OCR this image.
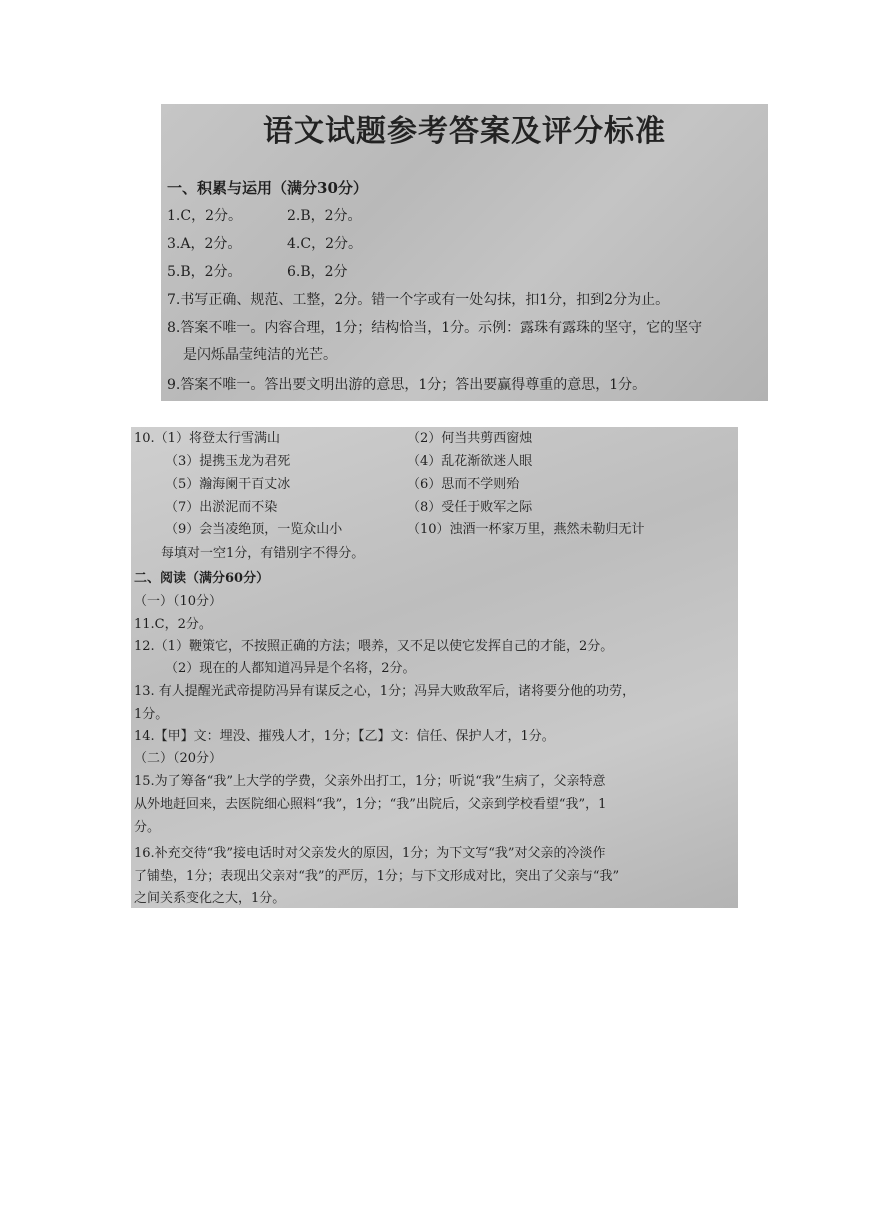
语文试题参考答案及评分标准
一、积累与运用（满分30分）
1.C，2分。	2.B，2分。
3.A，2分。	4.C，2分。
5.B，2分。	6.B，2分
7.书写正确、规范、工整，2分。错一个字或有一处勾抹，扣1分，扣到2分为止。
8.答案不唯一。内容合理，1分；结构恰当，1分。示例：露珠有露珠的坚守，它的坚守
是闪烁晶莹纯洁的光芒。
9.答案不唯一。答出要文明出游的意思，1分；答出要赢得尊重的意思，1分。
10.（1）将登太行雪满山	（2）何当共剪西窗烛
（3）提携玉龙为君死	（4）乱花渐欲迷人眼
（5）瀚海阑干百丈冰	（6）思而不学则殆
（7）出淤泥而不染	（8）受任于败军之际
（9）会当凌绝顶，一览众山小	（10）浊酒一杯家万里，燕然未勒归无计
每填对一空1分，有错别字不得分。
二、阅读（满分60分）
（一）（10分）
11.C，2分。
12.（1）鞭策它，不按照正确的方法；喂养，又不足以使它发挥自己的才能，2分。
（2）现在的人都知道冯异是个名将，2分。
13. 有人提醒光武帝提防冯异有谋反之心，1分；冯异大败敌军后，诸将要分他的功劳，
1分。
14.【甲】文：埋没、摧残人才，1分；【乙】文：信任、保护人才，1分。
（二）（20分）
15.为了筹备“我”上大学的学费，父亲外出打工，1分；听说“我”生病了，父亲特意
从外地赶回来，去医院细心照料“我”，1分；“我”出院后，父亲到学校看望“我”，1
分。
16.补充交待“我”接电话时对父亲发火的原因，1分；为下文写“我”对父亲的冷淡作
了铺垫，1分；表现出父亲对“我”的严厉，1分；与下文形成对比，突出了父亲与“我”
之间关系变化之大，1分。
